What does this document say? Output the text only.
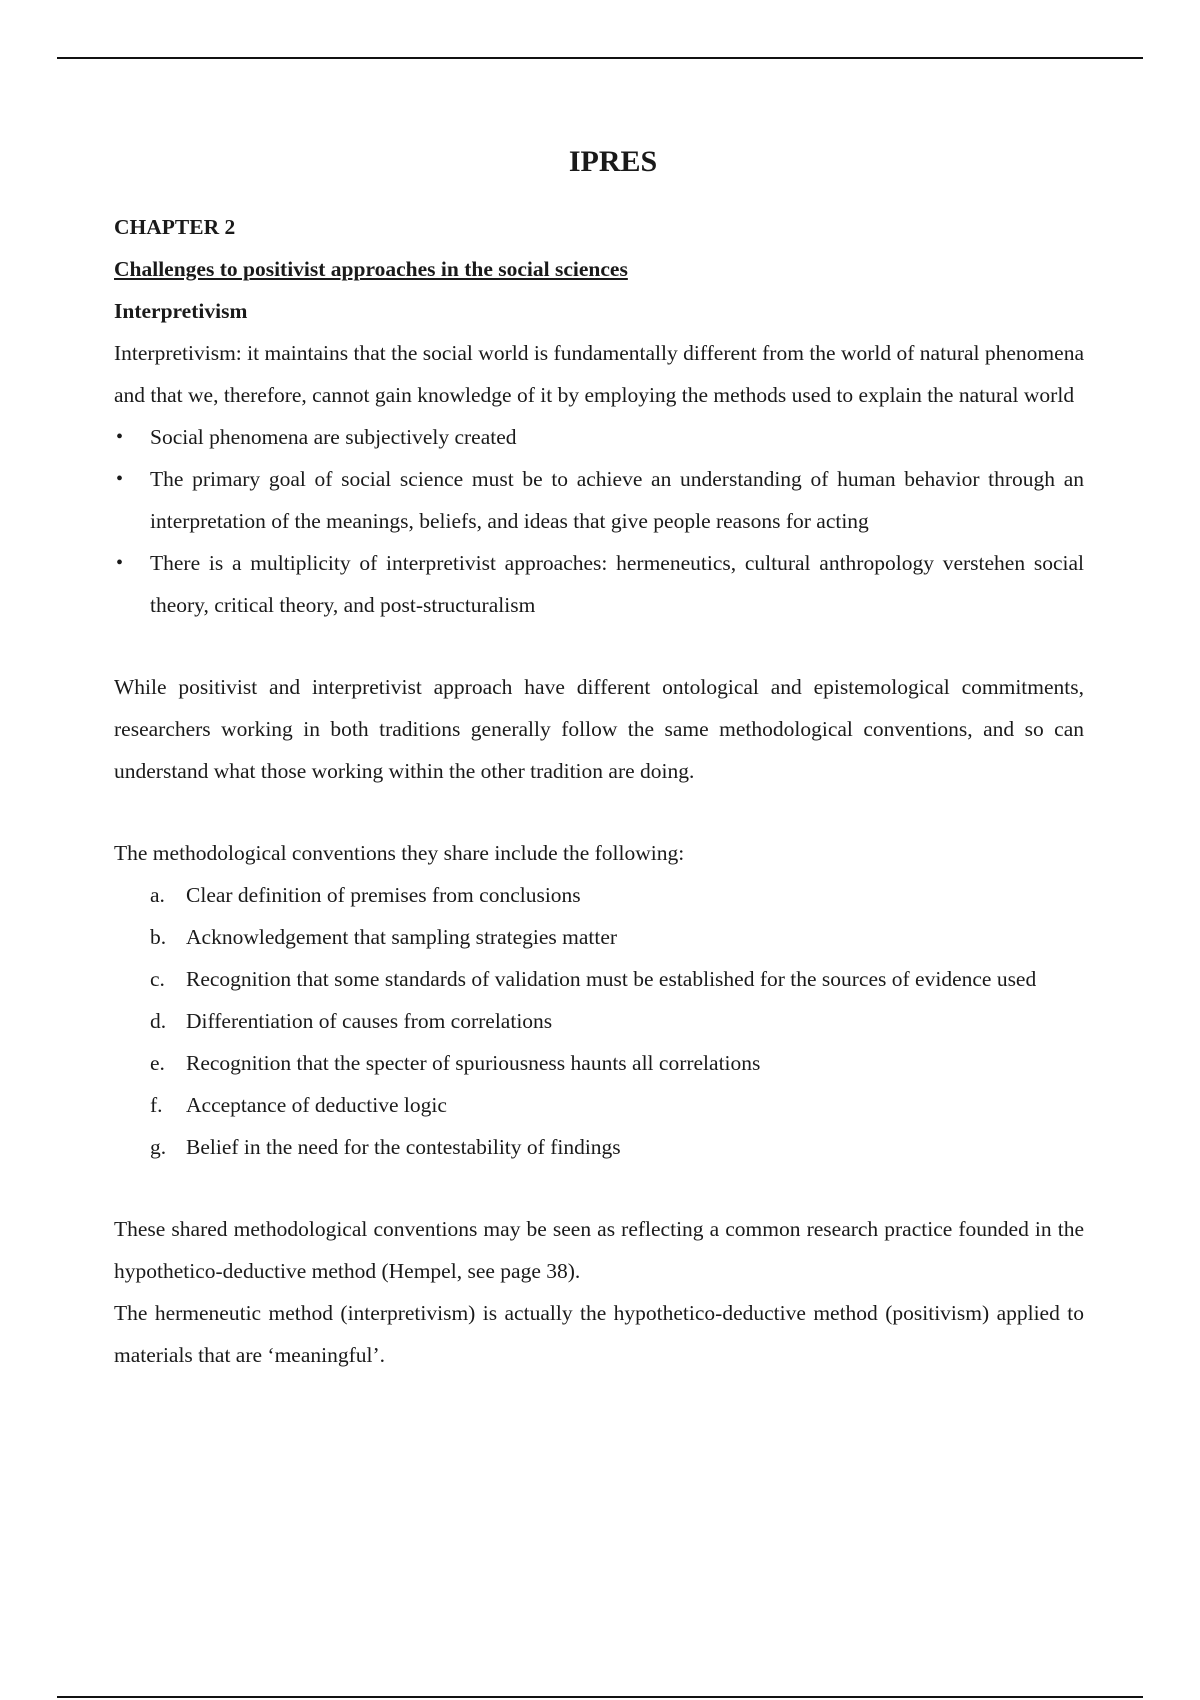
IPRES
CHAPTER 2
Challenges to positivist approaches in the social sciences
Interpretivism

Interpretivism: it maintains that the social world is fundamentally different from the world of natural phenomena and that we, therefore, cannot gain knowledge of it by employing the methods used to explain the natural world

• Social phenomena are subjectively created
• The primary goal of social science must be to achieve an understanding of human behavior through an interpretation of the meanings, beliefs, and ideas that give people reasons for acting
• There is a multiplicity of interpretivist approaches: hermeneutics, cultural anthropology verstehen social theory, critical theory, and post-structuralism

While positivist and interpretivist approach have different ontological and epistemological commitments, researchers working in both traditions generally follow the same methodological conventions, and so can understand what those working within the other tradition are doing.

The methodological conventions they share include the following:

a. Clear definition of premises from conclusions
b. Acknowledgement that sampling strategies matter
c. Recognition that some standards of validation must be established for the sources of evidence used
d. Differentiation of causes from correlations
e. Recognition that the specter of spuriousness haunts all correlations
f. Acceptance of deductive logic
g. Belief in the need for the contestability of findings

These shared methodological conventions may be seen as reflecting a common research practice founded in the hypothetico-deductive method (Hempel, see page 38).

The hermeneutic method (interpretivism) is actually the hypothetico-deductive method (positivism) applied to materials that are ‘meaningful’.
